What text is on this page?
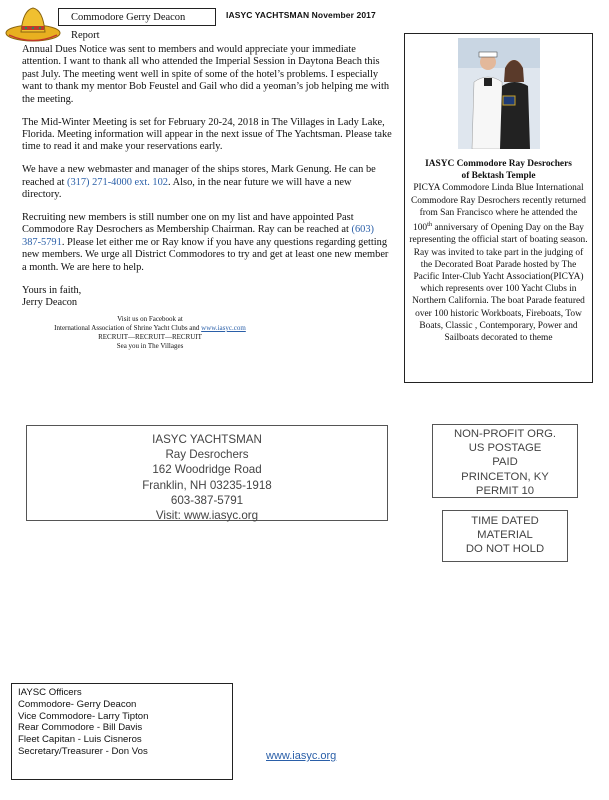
Commodore Gerry Deacon Report
IASYC YACHTSMAN November 2017

Annual Dues Notice was sent to members and would appreciate your immediate attention. I want to thank all who attended the Imperial Session in Daytona Beach this past July. The meeting went well in spite of some of the hotel’s problems. I especially want to thank my mentor Bob Feustel and Gail who did a yeoman’s job helping me with the meeting.

The Mid-Winter Meeting is set for February 20-24, 2018 in The Villages in Lady Lake, Florida. Meeting information will appear in the next issue of The Yachtsman. Please take time to read it and make your reservations early.

We have a new webmaster and manager of the ships stores, Mark Genung. He can be reached at (317) 271-4000 ext. 102. Also, in the near future we will have a new directory.

Recruiting new members is still number one on my list and have appointed Past Commodore Ray Desrochers as Membership Chairman. Ray can be reached at (603) 387-5791. Please let either me or Ray know if you have any questions regarding getting new members. We urge all District Commodores to try and get at least one new member a month. We are here to help.

Yours in faith,

Jerry Deacon

Visit us on Facebook at
International Association of Shrine Yacht Clubs and www.iasyc.com
RECRUIT—RECRUIT—RECRUIT
Sea you in The Villages
IASYC Commodore Ray Desrochers
of Bektash Temple
PICYA Commodore Linda Blue International Commodore Ray Desrochers recently returned from San Francisco where he attended the 100th anniversary of Opening Day on the Bay representing the official start of boating season. Ray was invited to take part in the judging of the Decorated Boat Parade hosted by The Pacific Inter-Club Yacht Association(PICYA) which represents over 100 Yacht Clubs in Northern California. The boat Parade featured over 100 historic Workboats, Fireboats, Tow Boats, Classic , Contemporary, Power and Sailboats decorated to theme
IASYC YACHTSMAN
Ray Desrochers
162 Woodridge Road
Franklin, NH 03235-1918
603-387-5791
Visit: www.iasyc.org
NON-PROFIT ORG.
US POSTAGE
PAID
PRINCETON, KY
PERMIT 10
TIME DATED
MATERIAL
DO NOT HOLD
IAYSC Officers
Commodore- Gerry Deacon
Vice Commodore- Larry Tipton
Rear Commodore - Bill Davis
Fleet Capitan - Luis Cisneros
Secretary/Treasurer - Don Vos	www.iasyc.org
